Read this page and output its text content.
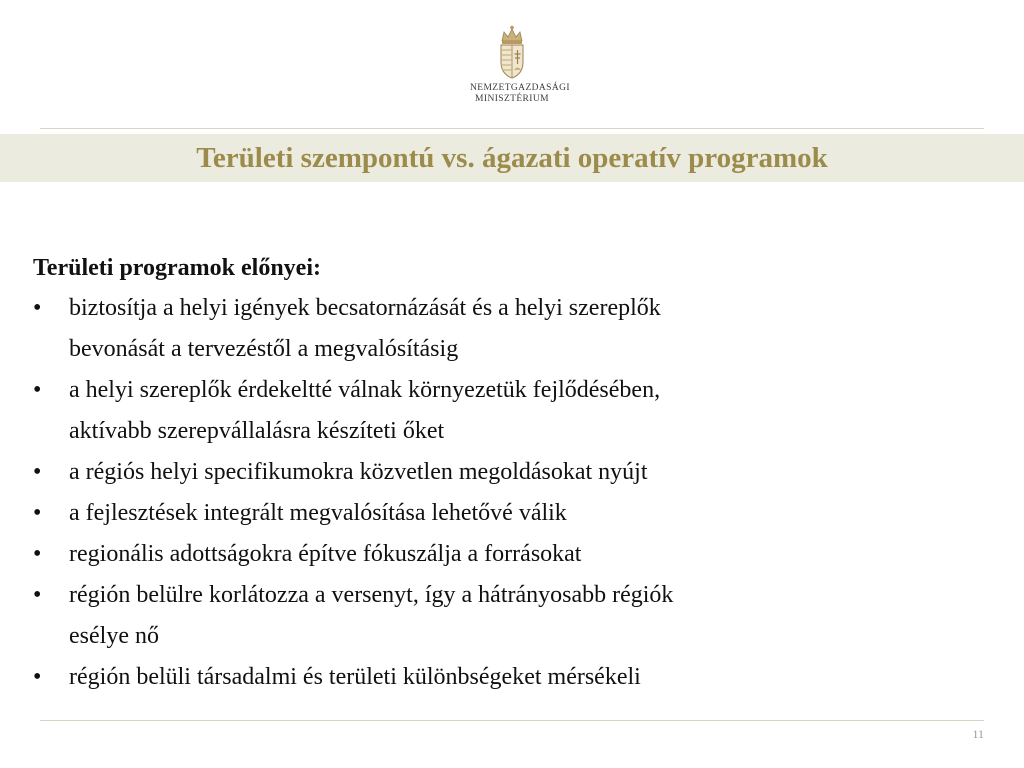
NEMZETGAZDASÁGI
MINISZTÉRIUM
Területi szempontú vs. ágazati operatív programok

Területi programok előnyei:

• biztosítja a helyi igények becsatornázását és a helyi szereplők
bevonását a tervezéstől a megvalósításig
• a helyi szereplők érdekeltté válnak környezetük fejlődésében,
aktívabb szerepvállalásra készíteti őket
• a régiós helyi specifikumokra közvetlen megoldásokat nyújt
• a fejlesztések integrált megvalósítása lehetővé válik
• regionális adottságokra építve fókuszálja a forrásokat
• régión belülre korlátozza a versenyt, így a hátrányosabb régiók
esélye nő
• régión belüli társadalmi és területi különbségeket mérsékeli
11
